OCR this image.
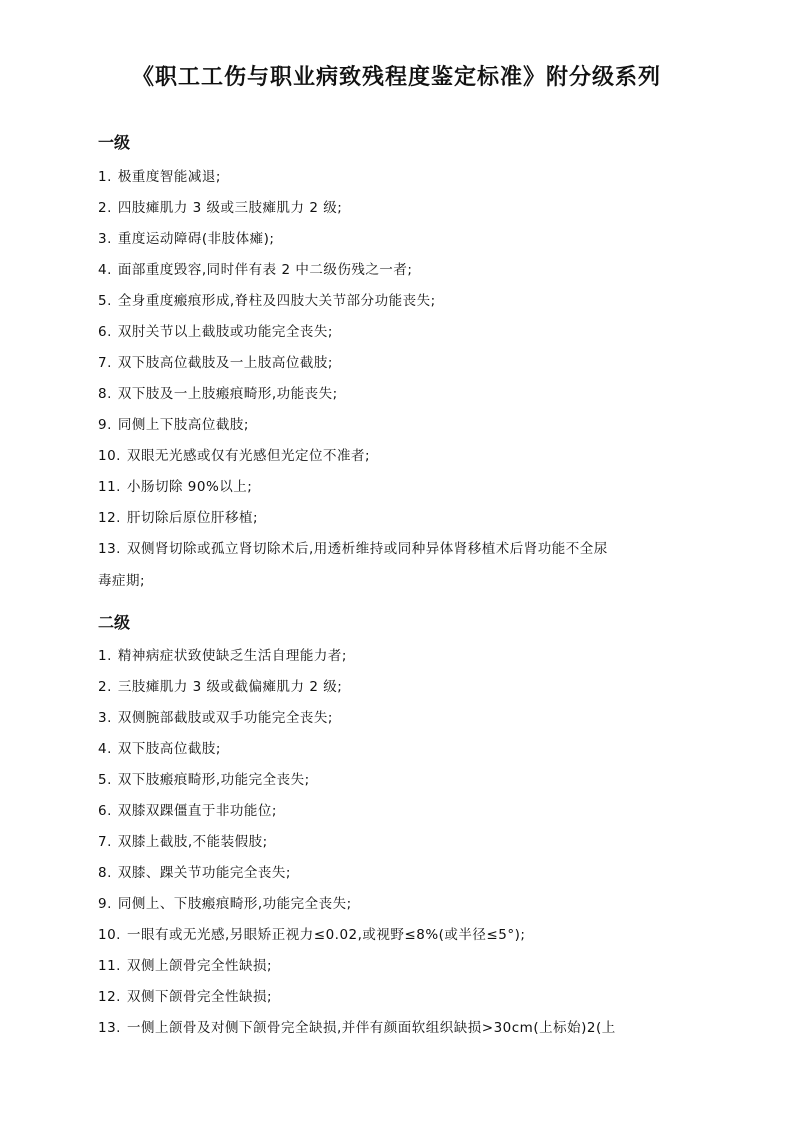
《职工工伤与职业病致残程度鉴定标准》附分级系列
一级
1. 极重度智能减退;
2. 四肢瘫肌力 3 级或三肢瘫肌力 2 级;
3. 重度运动障碍(非肢体瘫);
4. 面部重度毁容,同时伴有表 2 中二级伤残之一者;
5. 全身重度瘢痕形成,脊柱及四肢大关节部分功能丧失;
6. 双肘关节以上截肢或功能完全丧失;
7. 双下肢高位截肢及一上肢高位截肢;
8. 双下肢及一上肢瘢痕畸形,功能丧失;
9. 同侧上下肢高位截肢;
10. 双眼无光感或仅有光感但光定位不准者;
11. 小肠切除 90%以上;
12. 肝切除后原位肝移植;
13. 双侧肾切除或孤立肾切除术后,用透析维持或同种异体肾移植术后肾功能不全尿
毒症期;
二级
1. 精神病症状致使缺乏生活自理能力者;
2. 三肢瘫肌力 3 级或截偏瘫肌力 2 级;
3. 双侧腕部截肢或双手功能完全丧失;
4. 双下肢高位截肢;
5. 双下肢瘢痕畸形,功能完全丧失;
6. 双膝双踝僵直于非功能位;
7. 双膝上截肢,不能装假肢;
8. 双膝、踝关节功能完全丧失;
9. 同侧上、下肢瘢痕畸形,功能完全丧失;
10. 一眼有或无光感,另眼矫正视力≤0.02,或视野≤8%(或半径≤5°);
11. 双侧上颌骨完全性缺损;
12. 双侧下颌骨完全性缺损;
13. 一侧上颌骨及对侧下颌骨完全缺损,并伴有颜面软组织缺损>30cm(上标始)2(上
